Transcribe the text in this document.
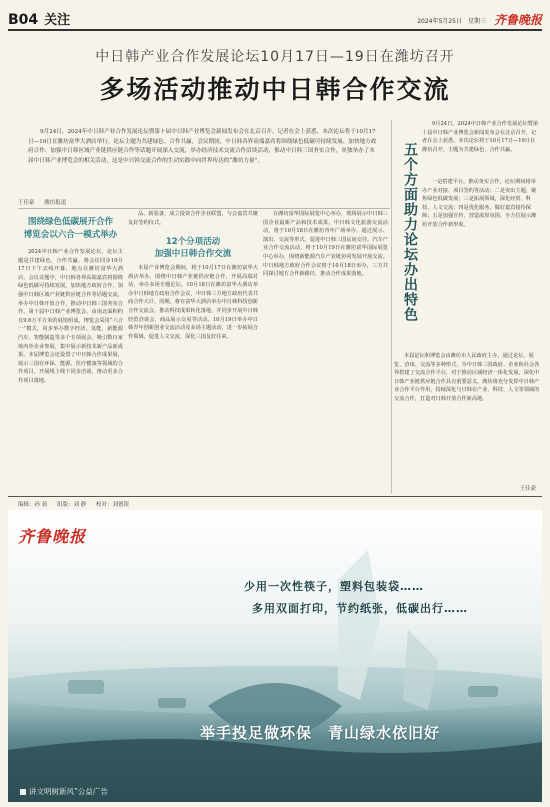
B04 关注	2024年5月25日 星期三 齐鲁晚报
中日韩产业合作发展论坛10月17日—19日在潍坊召开
多场活动推动中日韩合作交流
9月24日，2024年中日韩产业合作发展论坛暨第十届中日韩产业博览会新闻发布会在北京召开。记者在会上获悉，本次论坛将于10月17日—19日在潍坊富华大酒店举行。论坛主题为共建绿色、合作共赢，会议期间，中日韩各界高端嘉宾将围绕绿色低碳可持续发展、加快地方政府合作、加强中日韩区域产业链供应链合作等话题开展深入交流，举办经济技术交流合作洽谈活动，推动中日韩三国务实合作，单独举办了本届中日韩产业博览会的相关活动，这是中日韩交流合作的生动实践中向世界传达的“潍坊力量”。
王佳豪 潍坊报道
围绕绿色低碳展开合作
博览会以六合一模式举办

2024中日韩产业合作发展论坛，论坛主题是共建绿色，合作共赢，将会议同步10月17日下午去线开幕，地点在潍坊富华大酒店，会议议题中，中日韩各界高端嘉宾将围绕绿色低碳可持续发展，加快地方政府合作，加强中日韩区域产业链供应链合作等话题交流，举办中日韩开放合作，推动中日韩三国务实合作。第十届中日韩产业博览会，由南北面积约有9.6万平方米的展馆组成，博览会采用“六合一”模式，同步举办数字经济，氢能，新能源汽车，智能制造等多个专项展会，吸引数百家境内外企业参展，集中展示新技术新产品新成果。本届博览会还设置了中日韩合作成果展，展示三国在环保、能源、医疗健康等领域的合作项目，开展线上线下同步洽谈，推动更多合作项目落地。

品、新装备，成立投资合作企业联盟，与会嘉宾共聚友好签约仪式。

12个分项活动
加强中日韩合作交流

本届产业博览会期间，将于10月17日在潍坊富华大酒店举办，围绕中日韩产业链供应链合作，开展高端对话，举办多场专题论坛。10月18日在潍坊富华大酒店举办中日韩地方政府合作会议，中日韩三方地方政府代表共商合作大计。同期，将在富华大酒店举办中日韩科技创新合作交流会，推动科技成果转化落地，并同步开展中日韩经贸洽谈会、商品展示交易等活动。10月19日举办中日韩青年创新创业交流活动及多场主题活动，进一步拓展合作领域，促进人文交流，深化三国友好往来。

在潍坊富华国际展览中心举办，现场展示中日韩三国企业最新产品和技术成果。中日韩文化旅游交流活动，将于10月18日在潍坊青年广场举办，通过展示、演出、交流等形式，促进中日韩三国民间交往。汽车产业合作交流活动，将于10月19日在潍坊富华国际展览中心举办，围绕新能源汽车产业链协同发展开展交流。中日韩地方政府合作会议将于10月18日举办，三方共同探讨地方合作新路径，推动合作成果落地。

9月24日，2024中日韩产业合作发展论坛暨第十届中日韩产业博览会新闻发布会在北京召开，记者在会上获悉，本次论坛将于10月17日—19日在潍坊召开，主题为共建绿色、合作共赢。
五个方面助力论坛办出特色	一是搭建平台，推动务实合作，论坛期间将举办产业对接、项目签约等活动；二是突出主题，聚焦绿色低碳发展；三是拓展领域，深化经贸、科技、人文交流；四是优化服务，做好嘉宾接待保障；五是加强宣传，营造浓厚氛围，全方位展示潍坊开放合作新形象。
本届论坛和博览会由潍坊市人民政府主办，通过论坛、展览、洽谈、交流等多种形式，为中日韩三国政府、企业和社会各界搭建了交流合作平台，对于推动区域经济一体化发展、深化中日韩产业链供应链合作具有重要意义。潍坊将充分发挥中日韩产业合作平台作用，持续深化与日韩在产业、科技、人文等领域的交流合作，打造对日韩开放合作新高地。
王佳豪
编辑：孙 茹 组版：刘 静 校对：刘德银
齐鲁晚报
少用一次性筷子，塑料包装袋……
多用双面打印，节约纸张，低碳出行……
举手投足做环保　青山绿水依旧好
讲文明树新风”公益广告
